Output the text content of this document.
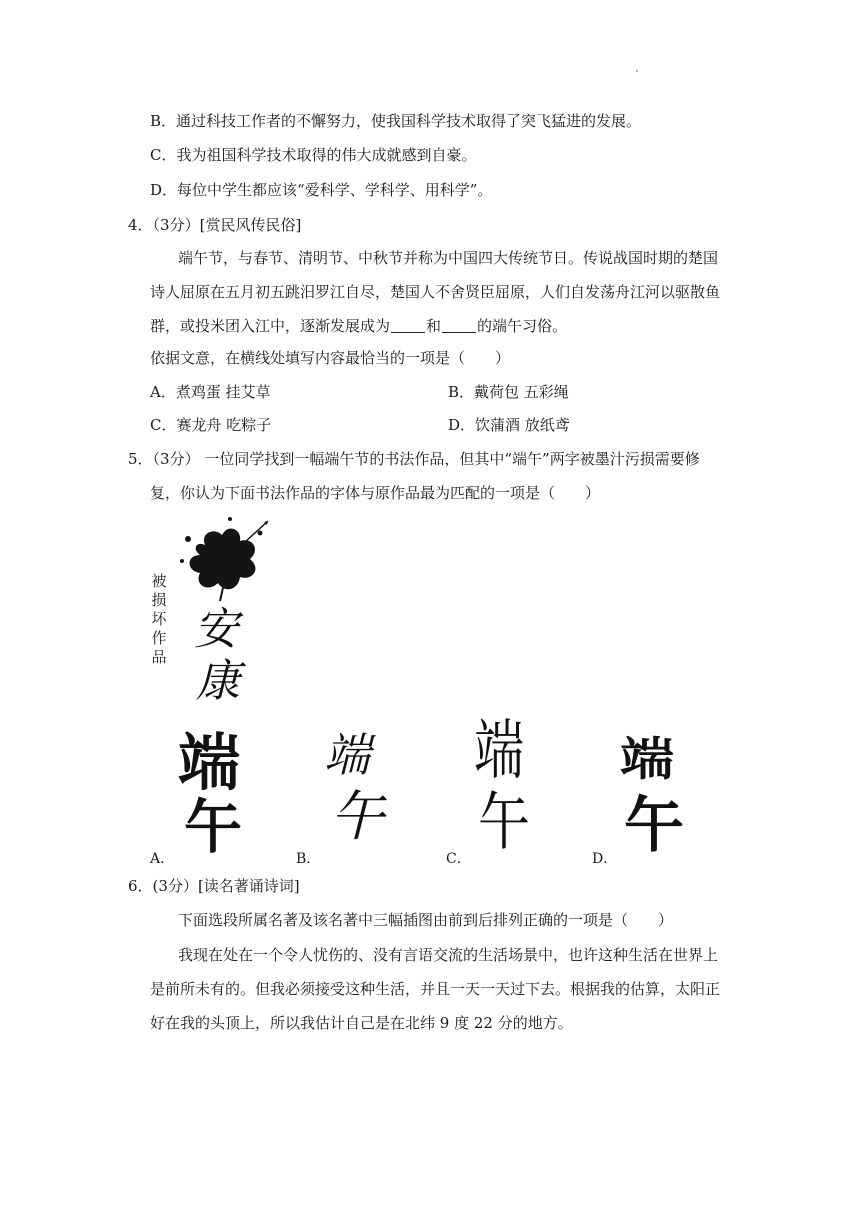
B．通过科技工作者的不懈努力，使我国科学技术取得了突飞猛进的发展。
C．我为祖国科学技术取得的伟大成就感到自豪。
D．每位中学生都应该“爱科学、学科学、用科学”。
4．（3分）[赏民风传民俗]
端午节，与春节、清明节、中秋节并称为中国四大传统节日。传说战国时期的楚国
诗人屈原在五月初五跳汨罗江自尽，楚国人不舍贤臣屈原，人们自发荡舟江河以驱散鱼
群，或投米团入江中，逐渐发展成为 和 的端午习俗。
依据文意，在横线处填写内容最恰当的一项是（　　）
A．煮鸡蛋 挂艾草	B．戴荷包 五彩绳
C．赛龙舟 吃粽子	D．饮蒲酒 放纸鸢
5．（3分） 一位同学找到一幅端午节的书法作品，但其中“端午”两字被墨汁污损需要修
复，你认为下面书法作品的字体与原作品最为匹配的一项是（　　）
被
损
坏
作
品
安
康
端
午
A．
端
午
B．
端
午
C．
端
午
D．
6．(3分）[读名著诵诗词]
下面选段所属名著及该名著中三幅插图由前到后排列正确的一项是（　　）
我现在处在一个令人忧伤的、没有言语交流的生活场景中，也许这种生活在世界上
是前所未有的。但我必须接受这种生活，并且一天一天过下去。根据我的估算，太阳正
好在我的头顶上，所以我估计自己是在北纬 9 度 22 分的地方。
